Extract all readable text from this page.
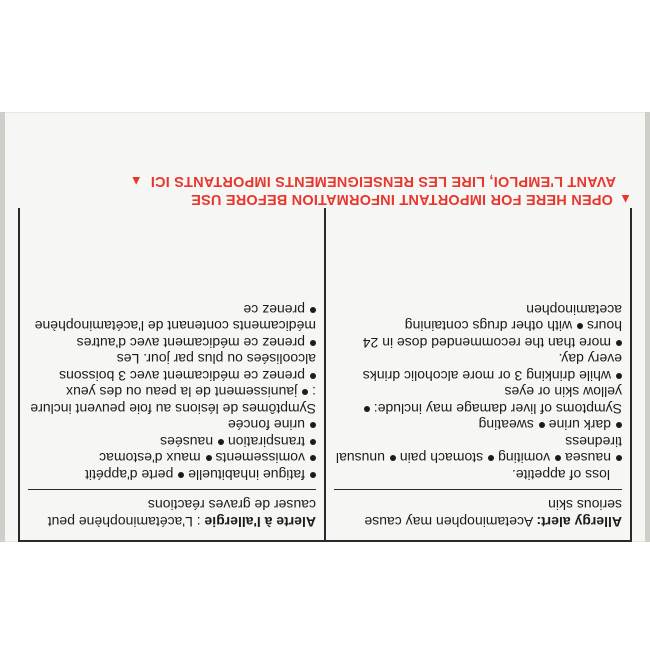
Allergy alert: Acetaminophen may cause serious skin
loss of appetite.
nausea vomiting stomach pain unusual tiredness
dark urine sweating
Symptoms of liver damage may include: yellow skin or eyes
while drinking 3 or more alcoholic drinks every day.
more than the recommended dose in 24 hours with other drugs containing acetaminophen
Alerte à l'allergie : L'acétaminophène peut causer de graves réactions
fatigue inhabituelle perte d'appétit
vomissements maux d'estomac
transpiration nausées
urine foncée
Symptômes de lésions au foie peuvent inclure : jaunissement de la peau ou des yeux
prenez ce médicament avec 3 boissons alcoolisées ou plus par jour. Les
prenez ce médicament avec d'autres médicaments contenant de l'acétaminophène
prenez ce
▲
OPEN HERE FOR IMPORTANT INFORMATION BEFORE USE
AVANT L'EMPLOI, LIRE LES RENSEIGNEMENTS IMPORTANTS ICI
▲
